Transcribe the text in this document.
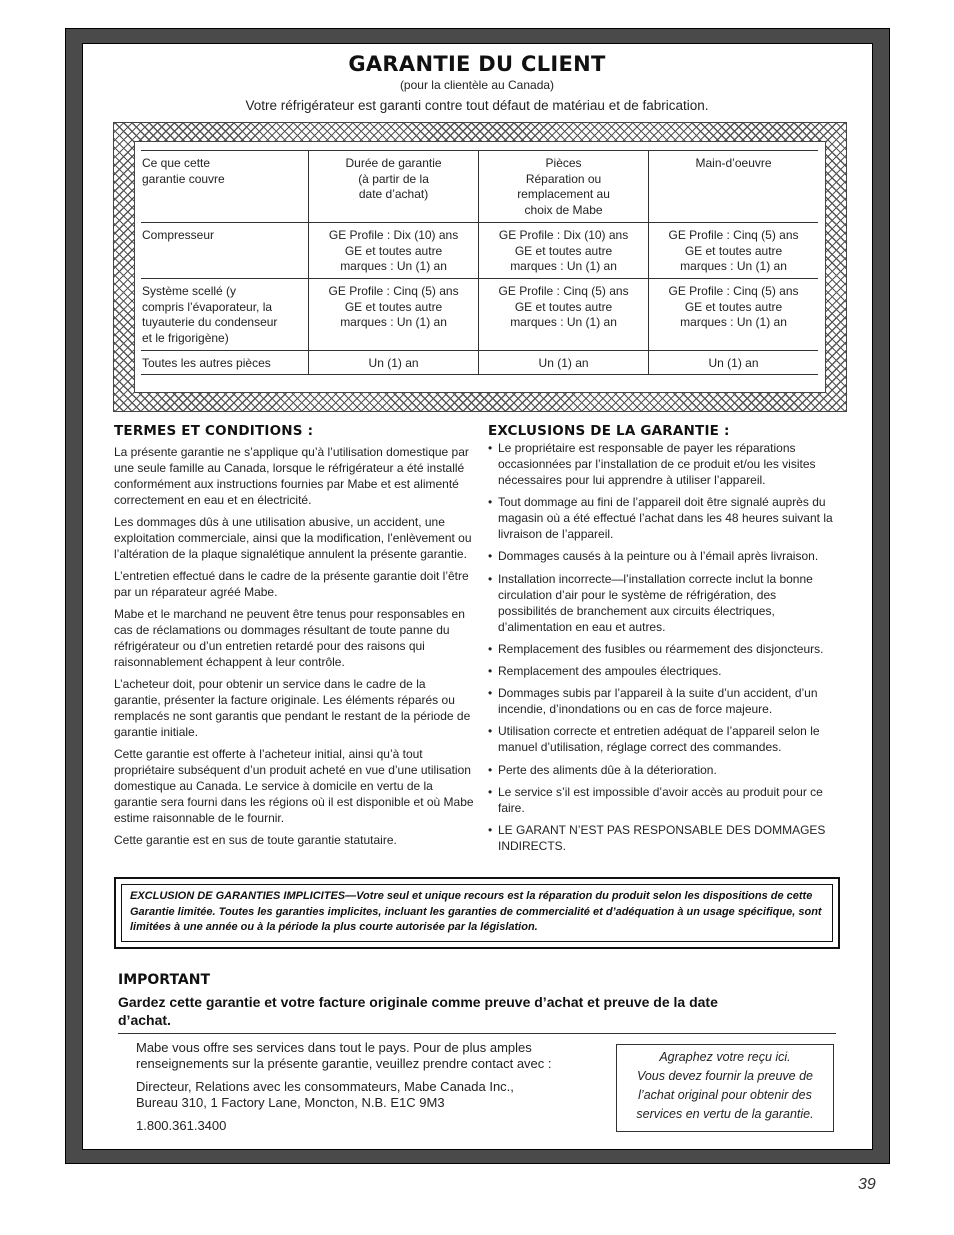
GARANTIE DU CLIENT

(pour la clientèle au Canada)

Votre réfrigérateur est garanti contre tout défaut de matériau et de fabrication.

Ce que cette
garantie couvre	Durée de garantie
(à partir de la
date d’achat)	Pièces
Réparation ou
remplacement au
choix de Mabe	Main-d’oeuvre
Compresseur	GE Profile : Dix (10) ans
GE et toutes autre
marques : Un (1) an	GE Profile : Dix (10) ans
GE et toutes autre
marques : Un (1) an	GE Profile : Cinq (5) ans
GE et toutes autre
marques : Un (1) an
Système scellé (y
compris l’évaporateur, la
tuyauterie du condenseur
et le frigorigène)	GE Profile : Cinq (5) ans
GE et toutes autre
marques : Un (1) an	GE Profile : Cinq (5) ans
GE et toutes autre
marques : Un (1) an	GE Profile : Cinq (5) ans
GE et toutes autre
marques : Un (1) an
Toutes les autres pièces	Un (1) an	Un (1) an	Un (1) an
TERMES ET CONDITIONS :

La présente garantie ne s’applique qu’à l’utilisation domestique par une seule famille au Canada, lorsque le réfrigérateur a été installé conformément aux instructions fournies par Mabe et est alimenté correctement en eau et en électricité.

Les dommages dûs à une utilisation abusive, un accident, une exploitation commerciale, ainsi que la modification, l’enlèvement ou l’altération de la plaque signalétique annulent la présente garantie.

L’entretien effectué dans le cadre de la présente garantie doit l’être par un réparateur agréé Mabe.

Mabe et le marchand ne peuvent être tenus pour responsables en cas de réclamations ou dommages résultant de toute panne du réfrigérateur ou d’un entretien retardé pour des raisons qui raisonnablement échappent à leur contrôle.

L’acheteur doit, pour obtenir un service dans le cadre de la garantie, présenter la facture originale. Les éléments réparés ou remplacés ne sont garantis que pendant le restant de la période de garantie initiale.

Cette garantie est offerte à l’acheteur initial, ainsi qu’à tout propriétaire subséquent d’un produit acheté en vue d’une utilisation domestique au Canada. Le service à domicile en vertu de la garantie sera fourni dans les régions où il est disponible et où Mabe estime raisonnable de le fournir.

Cette garantie est en sus de toute garantie statutaire.

EXCLUSIONS DE LA GARANTIE :
• Le propriétaire est responsable de payer les réparations occasionnées par l’installation de ce produit et/ou les visites nécessaires pour lui apprendre à utiliser l’appareil.
• Tout dommage au fini de l’appareil doit être signalé auprès du magasin où a été effectué l’achat dans les 48 heures suivant la livraison de l’appareil.
• Dommages causés à la peinture ou à l’émail après livraison.
• Installation incorrecte—l’installation correcte inclut la bonne circulation d’air pour le système de réfrigération, des possibilités de branchement aux circuits électriques, d’alimentation en eau et autres.
• Remplacement des fusibles ou réarmement des disjoncteurs.
• Remplacement des ampoules électriques.
• Dommages subis par l’appareil à la suite d’un accident, d’un incendie, d’inondations ou en cas de force majeure.
• Utilisation correcte et entretien adéquat de l’appareil selon le manuel d’utilisation, réglage correct des commandes.
• Perte des aliments dûe à la déterioration.
• Le service s’il est impossible d’avoir accès au produit pour ce faire.
• LE GARANT N’EST PAS RESPONSABLE DES DOMMAGES INDIRECTS.
EXCLUSION DE GARANTIES IMPLICITES—Votre seul et unique recours est la réparation du produit selon les dispositions de cette Garantie limitée. Toutes les garanties implicites, incluant les garanties de commercialité et d’adéquation à un usage spécifique, sont limitées à une année ou à la période la plus courte autorisée par la législation.
IMPORTANT

Gardez cette garantie et votre facture originale comme preuve d’achat et preuve de la date d’achat.

Mabe vous offre ses services dans tout le pays. Pour de plus amples renseignements sur la présente garantie, veuillez prendre contact avec :

Directeur, Relations avec les consommateurs, Mabe Canada Inc.,
Bureau 310, 1 Factory Lane, Moncton, N.B. E1C 9M3

1.800.361.3400

Agraphez votre reçu ici.
Vous devez fournir la preuve de
l’achat original pour obtenir des
services en vertu de la garantie.

39
